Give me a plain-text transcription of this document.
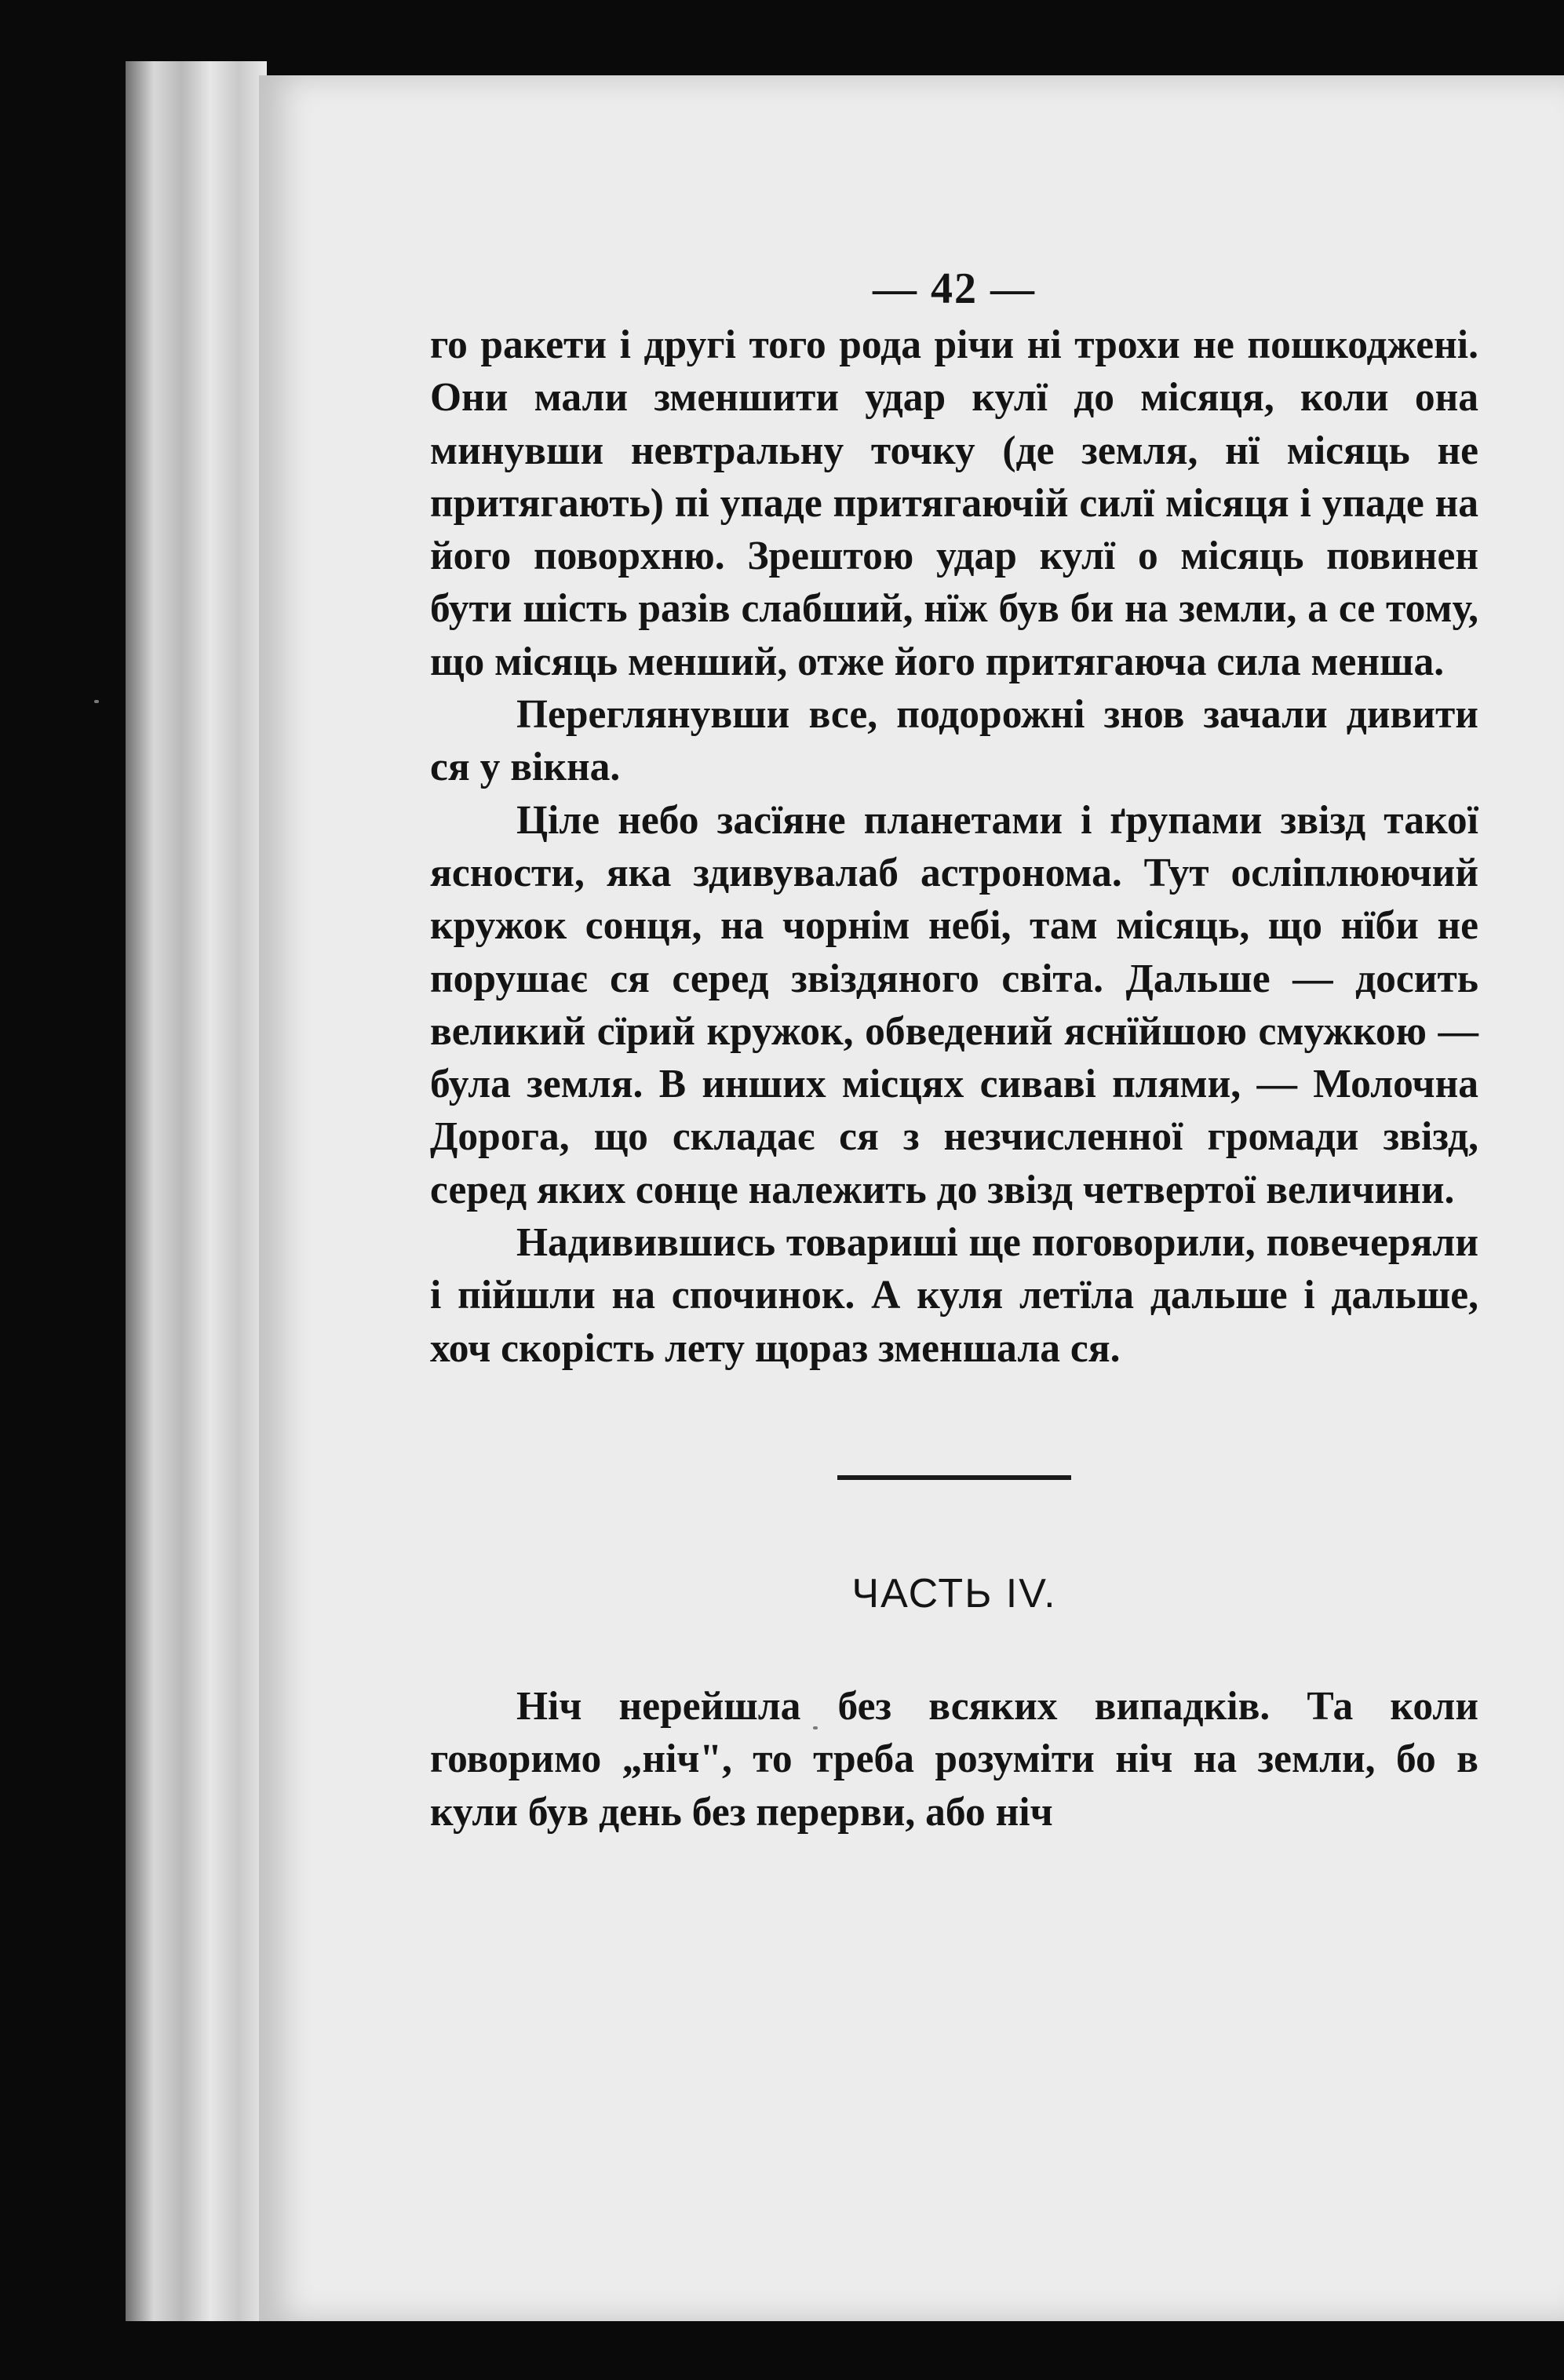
— 42 —

го ракети і другі того рода річи ні трохи не пошкоджені. Они мали зменшити удар кулї до місяця, коли она минувши невтральну точку (де земля, нї місяць не притягають) пі упаде притягаючій силї місяця і упаде на його поворхню. Зрештою удар кулї о місяць повинен бути шість разів слабший, нїж був би на земли, а се тому, що місяць менший, отже його притягаюча сила менша.

Переглянувши все, подорожні знов зачали дивити ся у вікна.

Ціле небо засїяне планетами і ґрупами звізд такої ясности, яка здивувалаб астронома. Тут осліплюючий кружок сонця, на чорнім небі, там місяць, що нїби не порушає ся серед звіздяного світа. Дальше — досить великий сїрий кружок, обведений яснїйшою смужкою — була земля. В инших місцях сиваві плями, — Молочна Дорога, що складає ся з незчисленної громади звізд, серед яких сонце належить до звізд четвертої величини.

Надивившись товариші ще поговорили, повечеряли і пійшли на спочинок. А куля летїла дальше і дальше, хоч скорість лету щораз зменшала ся.

ЧАСТЬ IV.

Ніч нерейшла без всяких випадків. Та коли говоримо „ніч", то треба розуміти ніч на земли, бо в кули був день без перерви, або ніч
